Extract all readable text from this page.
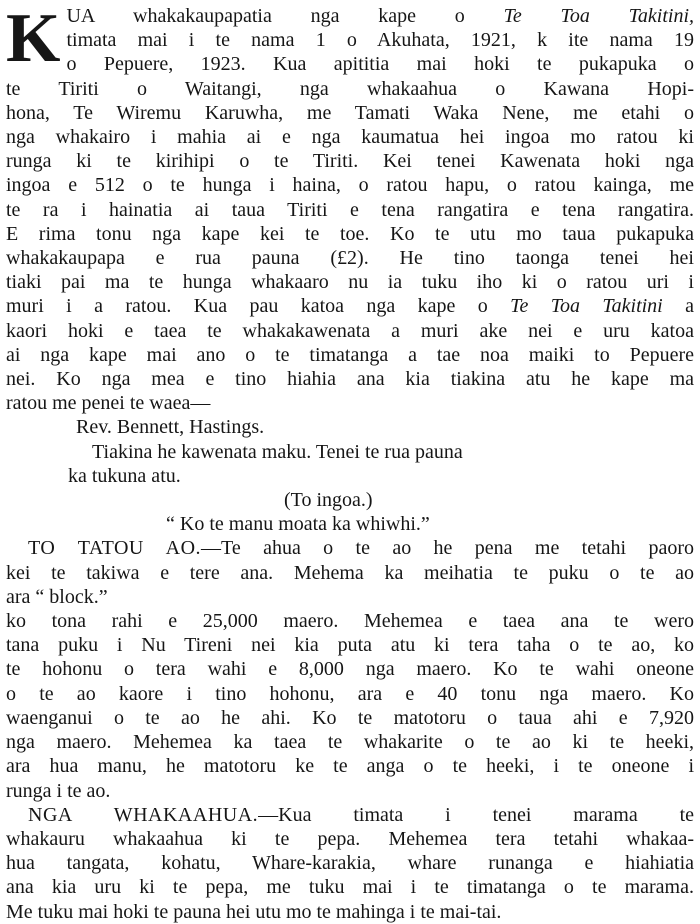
K UA whakakaupapatia nga kape o Te Toa Takitini,
timata mai i te nama 1 o Akuhata, 1921, k ite nama 19
o Pepuere, 1923. Kua apititia mai hoki te pukapuka o
te Tiriti o Waitangi, nga whakaahua o Kawana Hopi-
hona, Te Wiremu Karuwha, me Tamati Waka Nene, me etahi o
nga whakairo i mahia ai e nga kaumatua hei ingoa mo ratou ki
runga ki te kirihipi o te Tiriti. Kei tenei Kawenata hoki nga
ingoa e 512 o te hunga i haina, o ratou hapu, o ratou kainga, me
te ra i hainatia ai taua Tiriti e tena rangatira e tena rangatira.
E rima tonu nga kape kei te toe. Ko te utu mo taua pukapuka
whakakaupapa e rua pauna (£2). He tino taonga tenei hei
tiaki pai ma te hunga whakaaro nu ia tuku iho ki o ratou uri i
muri i a ratou. Kua pau katoa nga kape o Te Toa Takitini a
kaori hoki e taea te whakakawenata a muri ake nei e uru katoa
ai nga kape mai ano o te timatanga a tae noa maiki to Pepuere
nei. Ko nga mea e tino hiahia ana kia tiakina atu he kape ma
ratou me penei te waea—
Rev. Bennett, Hastings.
Tiakina he kawenata maku. Tenei te rua pauna
ka tukuna atu.
(To ingoa.)
“ Ko te manu moata ka whiwhi.”
TO TATOU AO.—Te ahua o te ao he pena me tetahi paoro
kei te takiwa e tere ana. Mehema ka meihatia te puku o te ao
ara “ block.”
ko tona rahi e 25,000 maero. Mehemea e taea ana te wero
tana puku i Nu Tireni nei kia puta atu ki tera taha o te ao, ko
te hohonu o tera wahi e 8,000 nga maero. Ko te wahi oneone
o te ao kaore i tino hohonu, ara e 40 tonu nga maero. Ko
waenganui o te ao he ahi. Ko te matotoru o taua ahi e 7,920
nga maero. Mehemea ka taea te whakarite o te ao ki te heeki,
ara hua manu, he matotoru ke te anga o te heeki, i te oneone i
runga i te ao.
NGA WHAKAAHUA.—Kua timata i tenei marama te
whakauru whakaahua ki te pepa. Mehemea tera tetahi whakaa-
hua tangata, kohatu, Whare-karakia, whare runanga e hiahiatia
ana kia uru ki te pepa, me tuku mai i te timatanga o te marama.
Me tuku mai hoki te pauna hei utu mo te mahinga i te mai-tai.
